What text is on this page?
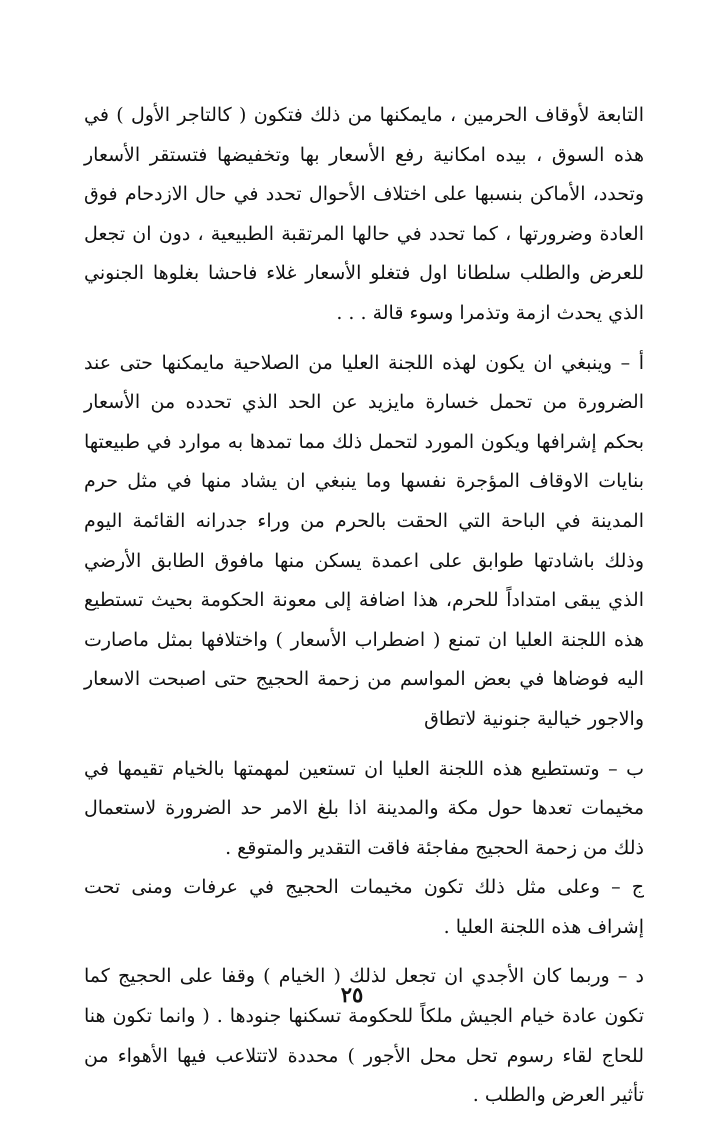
التابعة لأوقاف الحرمين ، مايمكنها من ذلك فتكون ( كالتاجر الأول ) في هذه السوق ، بيده امكانية رفع الأسعار بها وتخفيضها فتستقر الأسعار وتحدد، الأماكن بنسبها على اختلاف الأحوال تحدد في حال الازدحام فوق العادة وضرورتها ، كما تحدد في حالها المرتقبة الطبيعية ، دون ان تجعل للعرض والطلب سلطانا اول فتغلو الأسعار غلاء فاحشا بغلوها الجنوني الذي يحدث ازمة وتذمرا وسوء قالة . . .

أ – وينبغي ان يكون لهذه اللجنة العليا من الصلاحية مايمكنها حتى عند الضرورة من تحمل خسارة مايزيد عن الحد الذي تحدده من الأسعار بحكم إشرافها ويكون المورد لتحمل ذلك مما تمدها به موارد في طبيعتها بنايات الاوقاف المؤجرة نفسها وما ينبغي ان يشاد منها في مثل حرم المدينة في الباحة التي الحقت بالحرم من وراء جدرانه القائمة اليوم وذلك باشادتها طوابق على اعمدة يسكن منها مافوق الطابق الأرضي الذي يبقى امتداداً للحرم، هذا اضافة إلى معونة الحكومة بحيث تستطيع هذه اللجنة العليا ان تمنع ( اضطراب الأسعار ) واختلافها بمثل ماصارت اليه فوضاها في بعض المواسم من زحمة الحجيج حتى اصبحت الاسعار والاجور خيالية جنونية لاتطاق

ب – وتستطيع هذه اللجنة العليا ان تستعين لمهمتها بالخيام تقيمها في مخيمات تعدها حول مكة والمدينة اذا بلغ الامر حد الضرورة لاستعمال ذلك من زحمة الحجيج مفاجئة فاقت التقدير والمتوقع .

ج – وعلى مثل ذلك تكون مخيمات الحجيج في عرفات ومنى تحت إشراف هذه اللجنة العليا .

د – وربما كان الأجدي ان تجعل لذلك ( الخيام ) وقفا على الحجيج كما تكون عادة خيام الجيش ملكاً للحكومة تسكنها جنودها . ( وانما تكون هنا للحاج لقاء رسوم تحل محل الأجور ) محددة لاتتلاعب فيها الأهواء من تأثير العرض والطلب .

٢٥
